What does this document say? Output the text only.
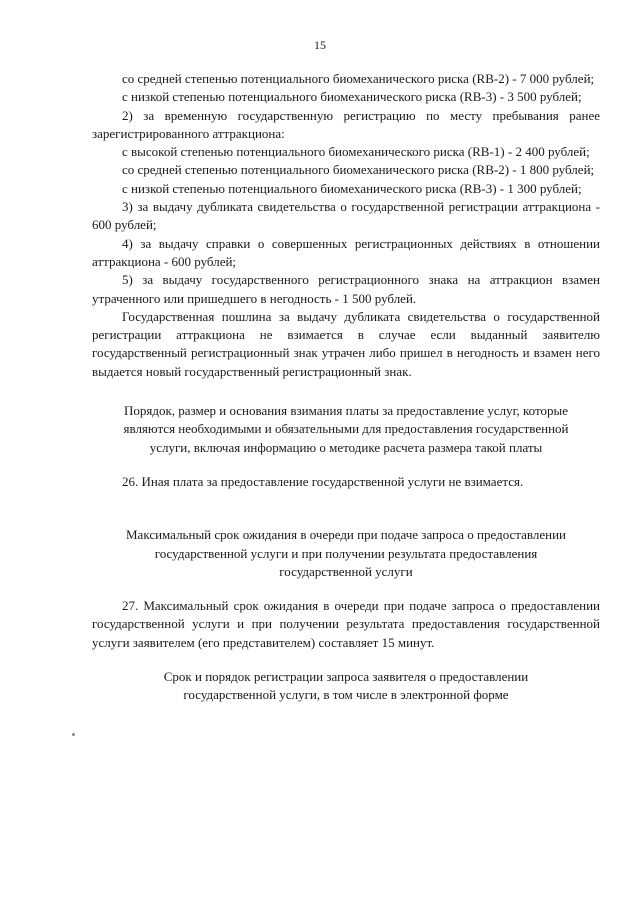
15

со средней степенью потенциального биомеханического риска (RB-2) - 7 000 рублей;

с низкой степенью потенциального биомеханического риска (RB-3) - 3 500 рублей;

2) за временную государственную регистрацию по месту пребывания ранее зарегистрированного аттракциона:

с высокой степенью потенциального биомеханического риска (RB-1) - 2 400 рублей;

со средней степенью потенциального биомеханического риска (RB-2) - 1 800 рублей;

с низкой степенью потенциального биомеханического риска (RB-3) - 1 300 рублей;

3) за выдачу дубликата свидетельства о государственной регистрации аттракциона - 600 рублей;

4) за выдачу справки о совершенных регистрационных действиях в отношении аттракциона - 600 рублей;

5) за выдачу государственного регистрационного знака на аттракцион взамен утраченного или пришедшего в негодность - 1 500 рублей.

Государственная пошлина за выдачу дубликата свидетельства о государственной регистрации аттракциона не взимается в случае если выданный заявителю государственный регистрационный знак утрачен либо пришел в негодность и взамен него выдается новый государственный регистрационный знак.

Порядок, размер и основания взимания платы за предоставление услуг, которые являются необходимыми и обязательными для предоставления государственной услуги, включая информацию о методике расчета размера такой платы

26. Иная плата за предоставление государственной услуги не взимается.

Максимальный срок ожидания в очереди при подаче запроса о предоставлении государственной услуги и при получении результата предоставления государственной услуги

27. Максимальный срок ожидания в очереди при подаче запроса о предоставлении государственной услуги и при получении результата предоставления государственной услуги заявителем (его представителем) составляет 15 минут.

Срок и порядок регистрации запроса заявителя о предоставлении государственной услуги, в том числе в электронной форме
